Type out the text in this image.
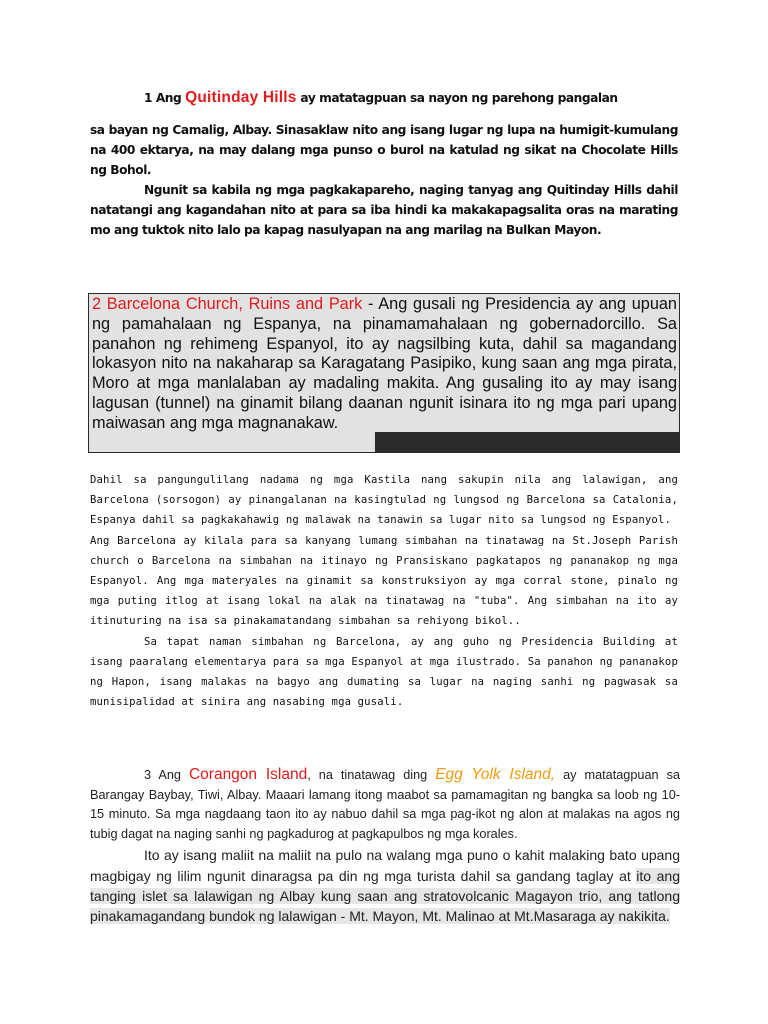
1 Ang Quitinday Hills ay matatagpuan sa nayon ng parehong pangalan

sa bayan ng Camalig, Albay. Sinasaklaw nito ang isang lugar ng lupa na humigit-kumulang na 400 ektarya, na may dalang mga punso o burol na katulad ng sikat na Chocolate Hills ng Bohol.

Ngunit sa kabila ng mga pagkakapareho, naging tanyag ang Quitinday Hills dahil natatangi ang kagandahan nito at para sa iba hindi ka makakapagsalita oras na marating mo ang tuktok nito lalo pa kapag nasulyapan na ang marilag na Bulkan Mayon.

2 Barcelona Church, Ruins and Park - Ang gusali ng Presidencia ay ang upuan ng pamahalaan ng Espanya, na pinamamahalaan ng gobernadorcillo. Sa panahon ng rehimeng Espanyol, ito ay nagsilbing kuta, dahil sa magandang lokasyon nito na nakaharap sa Karagatang Pasipiko, kung saan ang mga pirata, Moro at mga manlalaban ay madaling makita. Ang gusaling ito ay may isang lagusan (tunnel) na ginamit bilang daanan ngunit isinara ito ng mga pari upang maiwasan ang mga magnanakaw.

Dahil sa pangungulilang nadama ng mga Kastila nang sakupin nila ang lalawigan, ang Barcelona (sorsogon) ay pinangalanan na kasingtulad ng lungsod ng Barcelona sa Catalonia, Espanya dahil sa pagkakahawig ng malawak na tanawin sa lugar nito sa lungsod ng Espanyol.

Ang Barcelona ay kilala para sa kanyang lumang simbahan na tinatawag na St.Joseph Parish church o Barcelona na simbahan na itinayo ng Pransiskano pagkatapos ng pananakop ng mga Espanyol. Ang mga materyales na ginamit sa konstruksiyon ay mga corral stone, pinalo ng mga puting itlog at isang lokal na alak na tinatawag na "tuba". Ang simbahan na ito ay itinuturing na isa sa pinakamatandang simbahan sa rehiyong bikol..

Sa tapat naman simbahan ng Barcelona, ay ang guho ng Presidencia Building at isang paaralang elementarya para sa mga Espanyol at mga ilustrado. Sa panahon ng pananakop ng Hapon, isang malakas na bagyo ang dumating sa lugar na naging sanhi ng pagwasak sa munisipalidad at sinira ang nasabing mga gusali.

3 Ang Corangon Island, na tinatawag ding Egg Yolk Island, ay matatagpuan sa Barangay Baybay, Tiwi, Albay. Maaari lamang itong maabot sa pamamagitan ng bangka sa loob ng 10-15 minuto. Sa mga nagdaang taon ito ay nabuo dahil sa mga pag-ikot ng alon at malakas na agos ng tubig dagat na naging sanhi ng pagkadurog at pagkapulbos ng mga korales.

Ito ay isang maliit na maliit na pulo na walang mga puno o kahit malaking bato upang magbigay ng lilim ngunit dinaragsa pa din ng mga turista dahil sa gandang taglay at ito ang tanging islet sa lalawigan ng Albay kung saan ang stratovolcanic Magayon trio, ang tatlong pinakamagandang bundok ng lalawigan - Mt. Mayon, Mt. Malinao at Mt.Masaraga ay nakikita.
